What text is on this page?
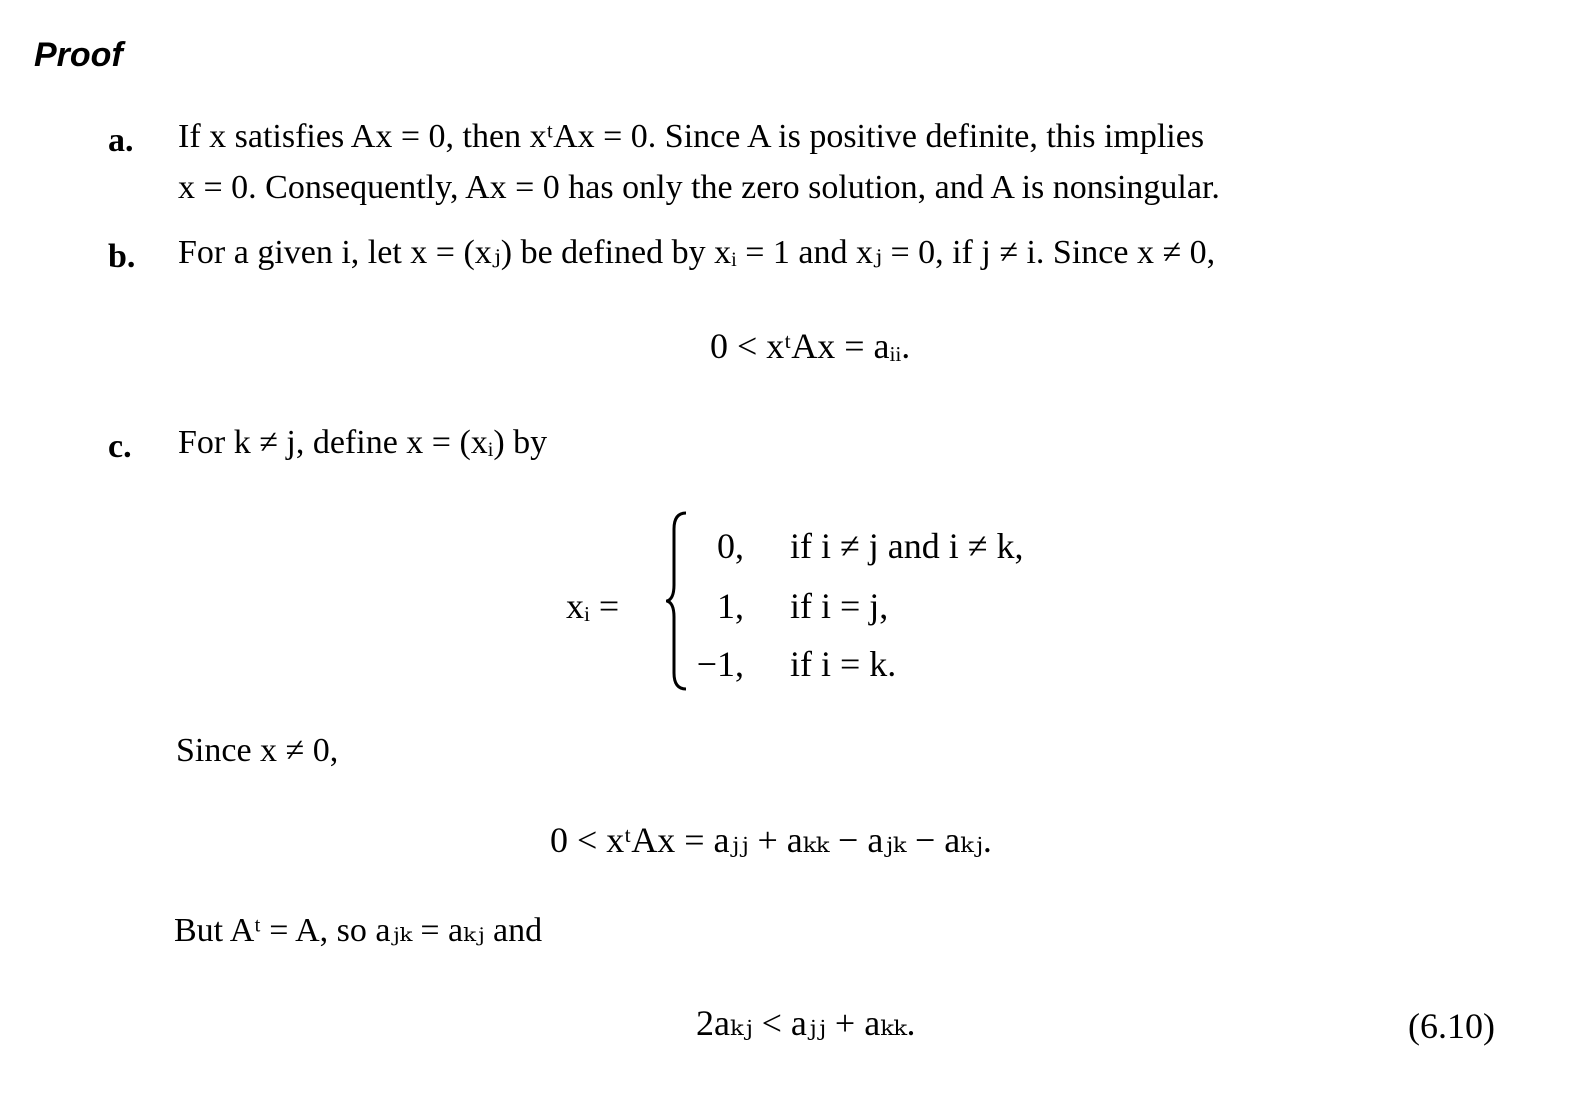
Proof
a. If x satisfies Ax = 0, then xᵗAx = 0. Since A is positive definite, this implies
x = 0. Consequently, Ax = 0 has only the zero solution, and A is nonsingular.
b. For a given i, let x = (xⱼ) be defined by xᵢ = 1 and xⱼ = 0, if j ≠ i. Since x ≠ 0,
0 < xᵗAx = aᵢᵢ.
c. For k ≠ j, define x = (xᵢ) by
xᵢ =
0, if i ≠ j and i ≠ k,
1, if i = j,
−1, if i = k.
Since x ≠ 0,
0 < xᵗAx = aⱼⱼ + aₖₖ − aⱼₖ − aₖⱼ.
But Aᵗ = A, so aⱼₖ = aₖⱼ and
2aₖⱼ < aⱼⱼ + aₖₖ.	(6.10)
